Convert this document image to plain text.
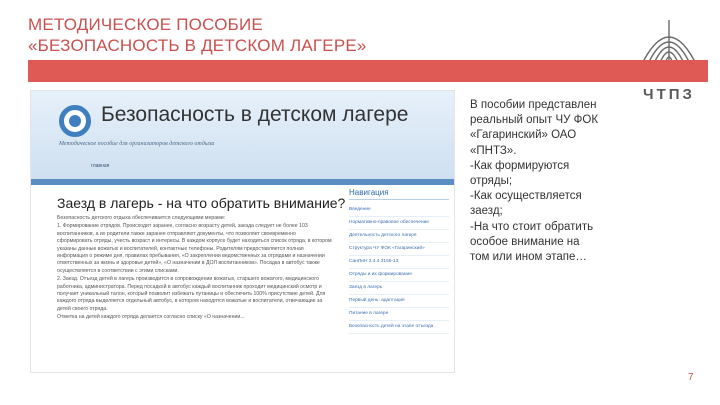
МЕТОДИЧЕСКОЕ ПОСОБИЕ
«БЕЗОПАСНОСТЬ В ДЕТСКОМ ЛАГЕРЕ»
ЧТПЗ
Безопасность в детском лагере
Методическое пособие для организаторов детского отдыха
главная
Заезд в лагерь - на что обратить внимание?

Безопасность детского отдыха обеспечивается следующими мерами:

1. Формирование отрядов. Происходит заранее, согласно возрасту детей, заезда следует не более 103 воспитанников, а их родители также заранее отправляют документы, что позволяет своевременно сформировать отряды, учесть возраст и интересы. В каждом корпусе будет находиться список отряда, в котором указаны данные вожатых и воспитателей, контактные телефоны. Родителям предоставляется полная информация о режиме дня, правилах пребывания, «О закреплении ведомственных за отрядами и назначении ответственных за жизнь и здоровье детей», «О назначении в ДОЛ воспитанников». Посадка в автобус также осуществляется в соответствии с этими списками.

2. Заезд. Отъезд детей в лагерь производится в сопровождении вожатых, старшего вожатого, медицинского работника, администратора. Перед посадкой в автобус каждый воспитанник проходит медицинский осмотр и получает уникальный талон, который позволит избежать путаницы и обеспечить 100% присутствие детей. Для каждого отряда выделяется отдельный автобус, в котором находятся вожатые и воспитатели, отвечающие за детей своего отряда.

Отметка на детей каждого отряда делается согласно списку «О назначении...

Навигация
Введение
Нормативно-правовое обеспечение
Деятельность детского лагеря
Структура ЧУ ФОК «Гагаринский»
СанПиН 2.4.4.3155-13
Отряды и их формирование
Заезд в лагерь
Первый день: адаптация
Питание в лагере
Безопасность детей на этапе отъезда
В пособии представлен
реальный опыт ЧУ ФОК
«Гагаринский» ОАО
«ПНТЗ».
-Как формируются
отряды;
-Как осуществляется
заезд;
-На что стоит обратить
особое внимание на
том или ином этапе…
7
